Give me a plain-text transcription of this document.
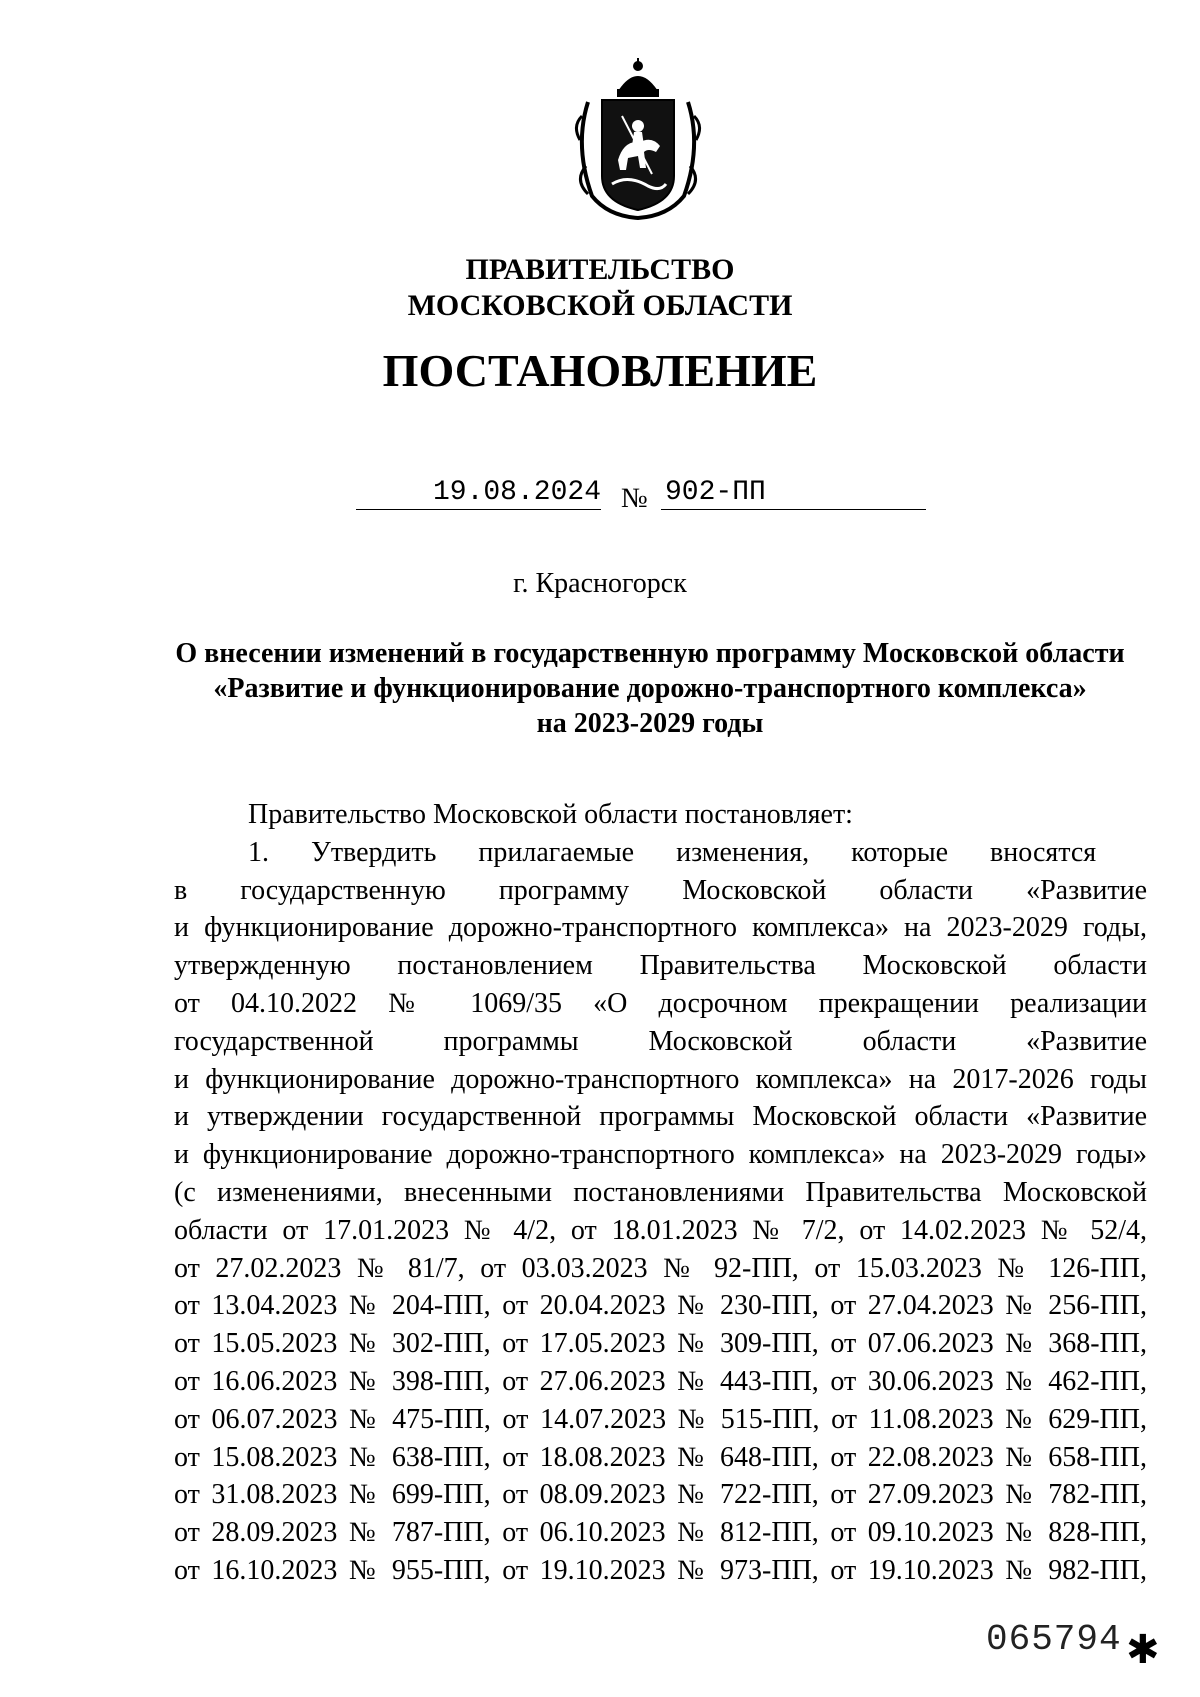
ПРАВИТЕЛЬСТВО
МОСКОВСКОЙ ОБЛАСТИ
ПОСТАНОВЛЕНИЕ
19.08.2024 № 902-ПП
г. Красногорск
О внесении изменений в государственную программу Московской области
«Развитие и функционирование дорожно-транспортного комплекса»
на 2023-2029 годы
Правительство Московской области постановляет:
1.      Утвердить      прилагаемые      изменения,      которые      вносятся
в государственную программу Московской области «Развитие
и функционирование дорожно-транспортного комплекса» на 2023-2029 годы,
утвержденную постановлением Правительства Московской области
от 04.10.2022 № 1069/35 «О досрочном прекращении реализации
государственной программы Московской области «Развитие
и функционирование дорожно-транспортного комплекса» на 2017-2026 годы
и утверждении государственной программы Московской области «Развитие
и функционирование дорожно-транспортного комплекса» на 2023-2029 годы»
(с изменениями, внесенными постановлениями Правительства Московской
области от 17.01.2023 № 4/2, от 18.01.2023 № 7/2, от 14.02.2023 № 52/4,
от 27.02.2023 № 81/7, от 03.03.2023 № 92-ПП, от 15.03.2023 № 126-ПП,
от 13.04.2023 № 204-ПП, от 20.04.2023 № 230-ПП, от 27.04.2023 № 256-ПП,
от 15.05.2023 № 302-ПП, от 17.05.2023 № 309-ПП, от 07.06.2023 № 368-ПП,
от 16.06.2023 № 398-ПП, от 27.06.2023 № 443-ПП, от 30.06.2023 № 462-ПП,
от 06.07.2023 № 475-ПП, от 14.07.2023 № 515-ПП, от 11.08.2023 № 629-ПП,
от 15.08.2023 № 638-ПП, от 18.08.2023 № 648-ПП, от 22.08.2023 № 658-ПП,
от 31.08.2023 № 699-ПП, от 08.09.2023 № 722-ПП, от 27.09.2023 № 782-ПП,
от 28.09.2023 № 787-ПП, от 06.10.2023 № 812-ПП, от 09.10.2023 № 828-ПП,
от 16.10.2023 № 955-ПП, от 19.10.2023 № 973-ПП, от 19.10.2023 № 982-ПП,
065794 ✱
